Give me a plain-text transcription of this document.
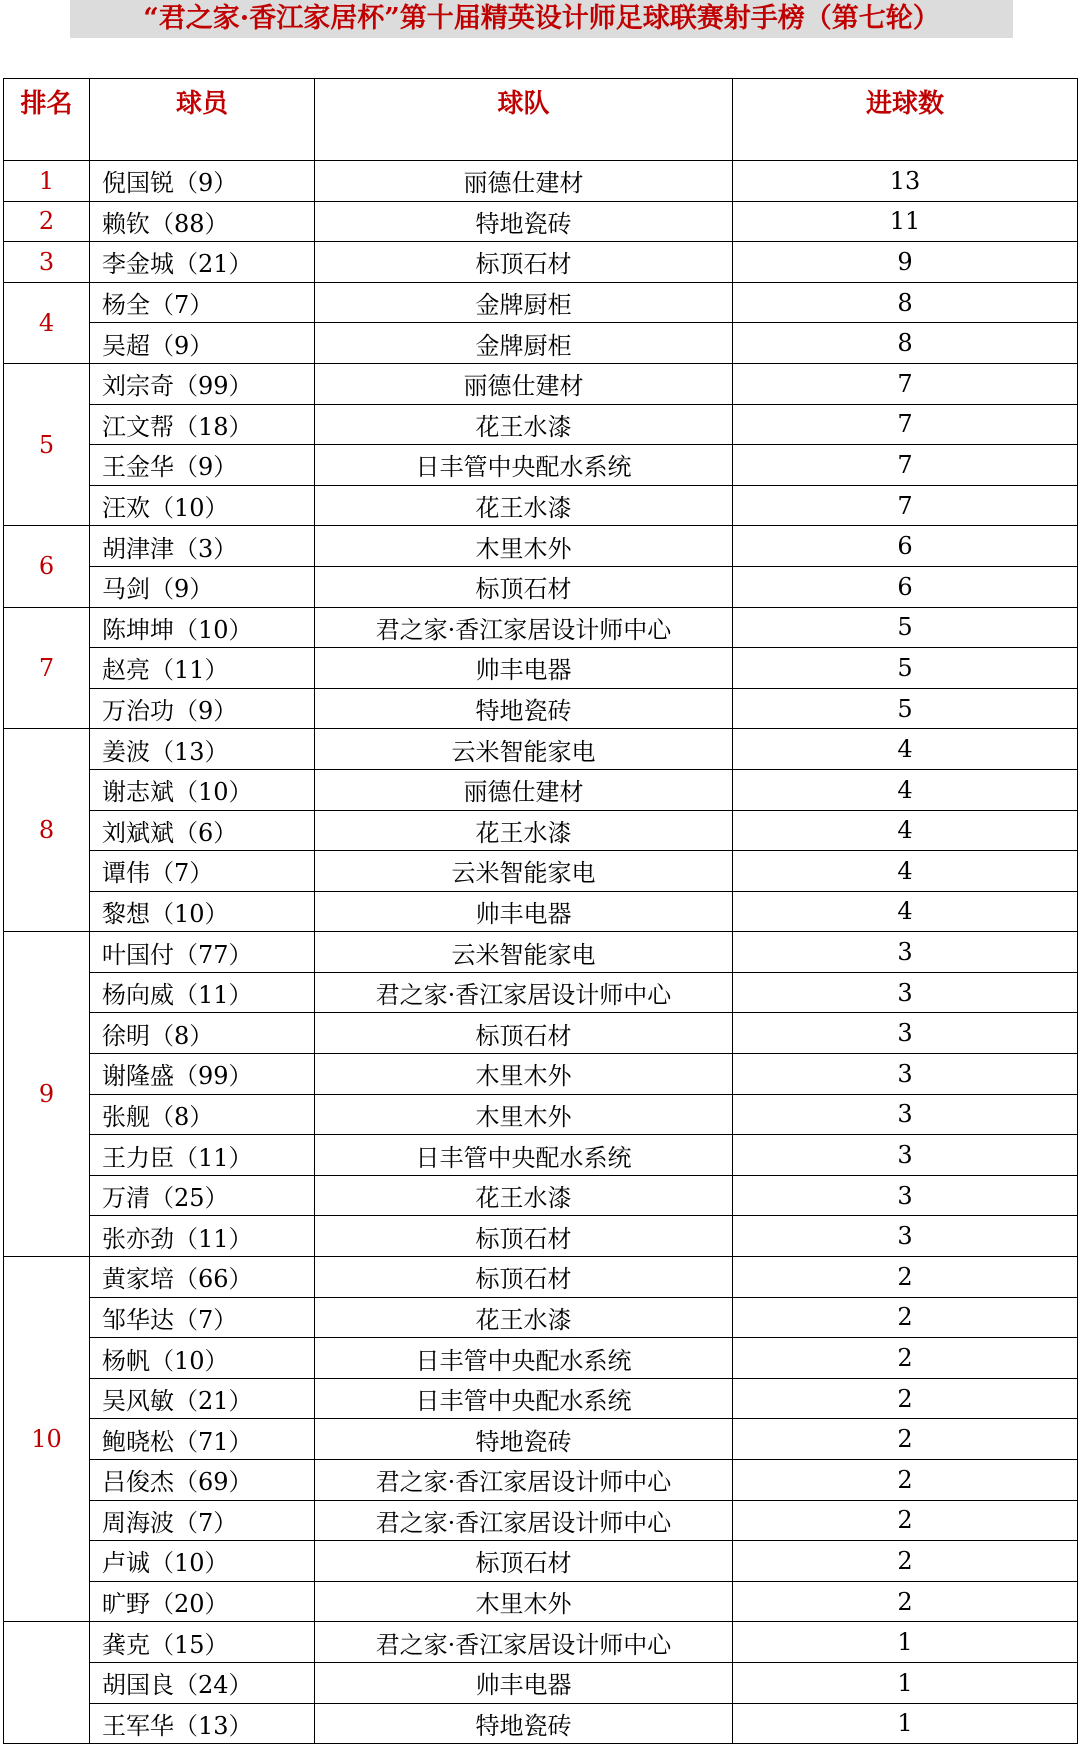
“君之家·香江家居杯”第十届精英设计师足球联赛射手榜（第七轮）
排名	球员	球队	进球数
1	倪国锐（9）	丽德仕建材	13
2	赖钦（88）	特地瓷砖	11
3	李金城（21）	标顶石材	9
4	杨全（7）	金牌厨柜	8
	吴超（9）	金牌厨柜	8
5	刘宗奇（99）	丽德仕建材	7
	江文帮（18）	花王水漆	7
	王金华（9）	日丰管中央配水系统	7
	汪欢（10）	花王水漆	7
6	胡津津（3）	木里木外	6
	马剑（9）	标顶石材	6
7	陈坤坤（10）	君之家·香江家居设计师中心	5
	赵亮（11）	帅丰电器	5
	万治功（9）	特地瓷砖	5
8	姜波（13）	云米智能家电	4
	谢志斌（10）	丽德仕建材	4
	刘斌斌（6）	花王水漆	4
	谭伟（7）	云米智能家电	4
	黎想（10）	帅丰电器	4
9	叶国付（77）	云米智能家电	3
	杨向威（11）	君之家·香江家居设计师中心	3
	徐明（8）	标顶石材	3
	谢隆盛（99）	木里木外	3
	张舰（8）	木里木外	3
	王力臣（11）	日丰管中央配水系统	3
	万清（25）	花王水漆	3
	张亦劲（11）	标顶石材	3
10	黄家培（66）	标顶石材	2
	邹华达（7）	花王水漆	2
	杨帆（10）	日丰管中央配水系统	2
	吴风敏（21）	日丰管中央配水系统	2
	鲍晓松（71）	特地瓷砖	2
	吕俊杰（69）	君之家·香江家居设计师中心	2
	周海波（7）	君之家·香江家居设计师中心	2
	卢诚（10）	标顶石材	2
	旷野（20）	木里木外	2
	龚克（15）	君之家·香江家居设计师中心	1
	胡国良（24）	帅丰电器	1
	王军华（13）	特地瓷砖	1
